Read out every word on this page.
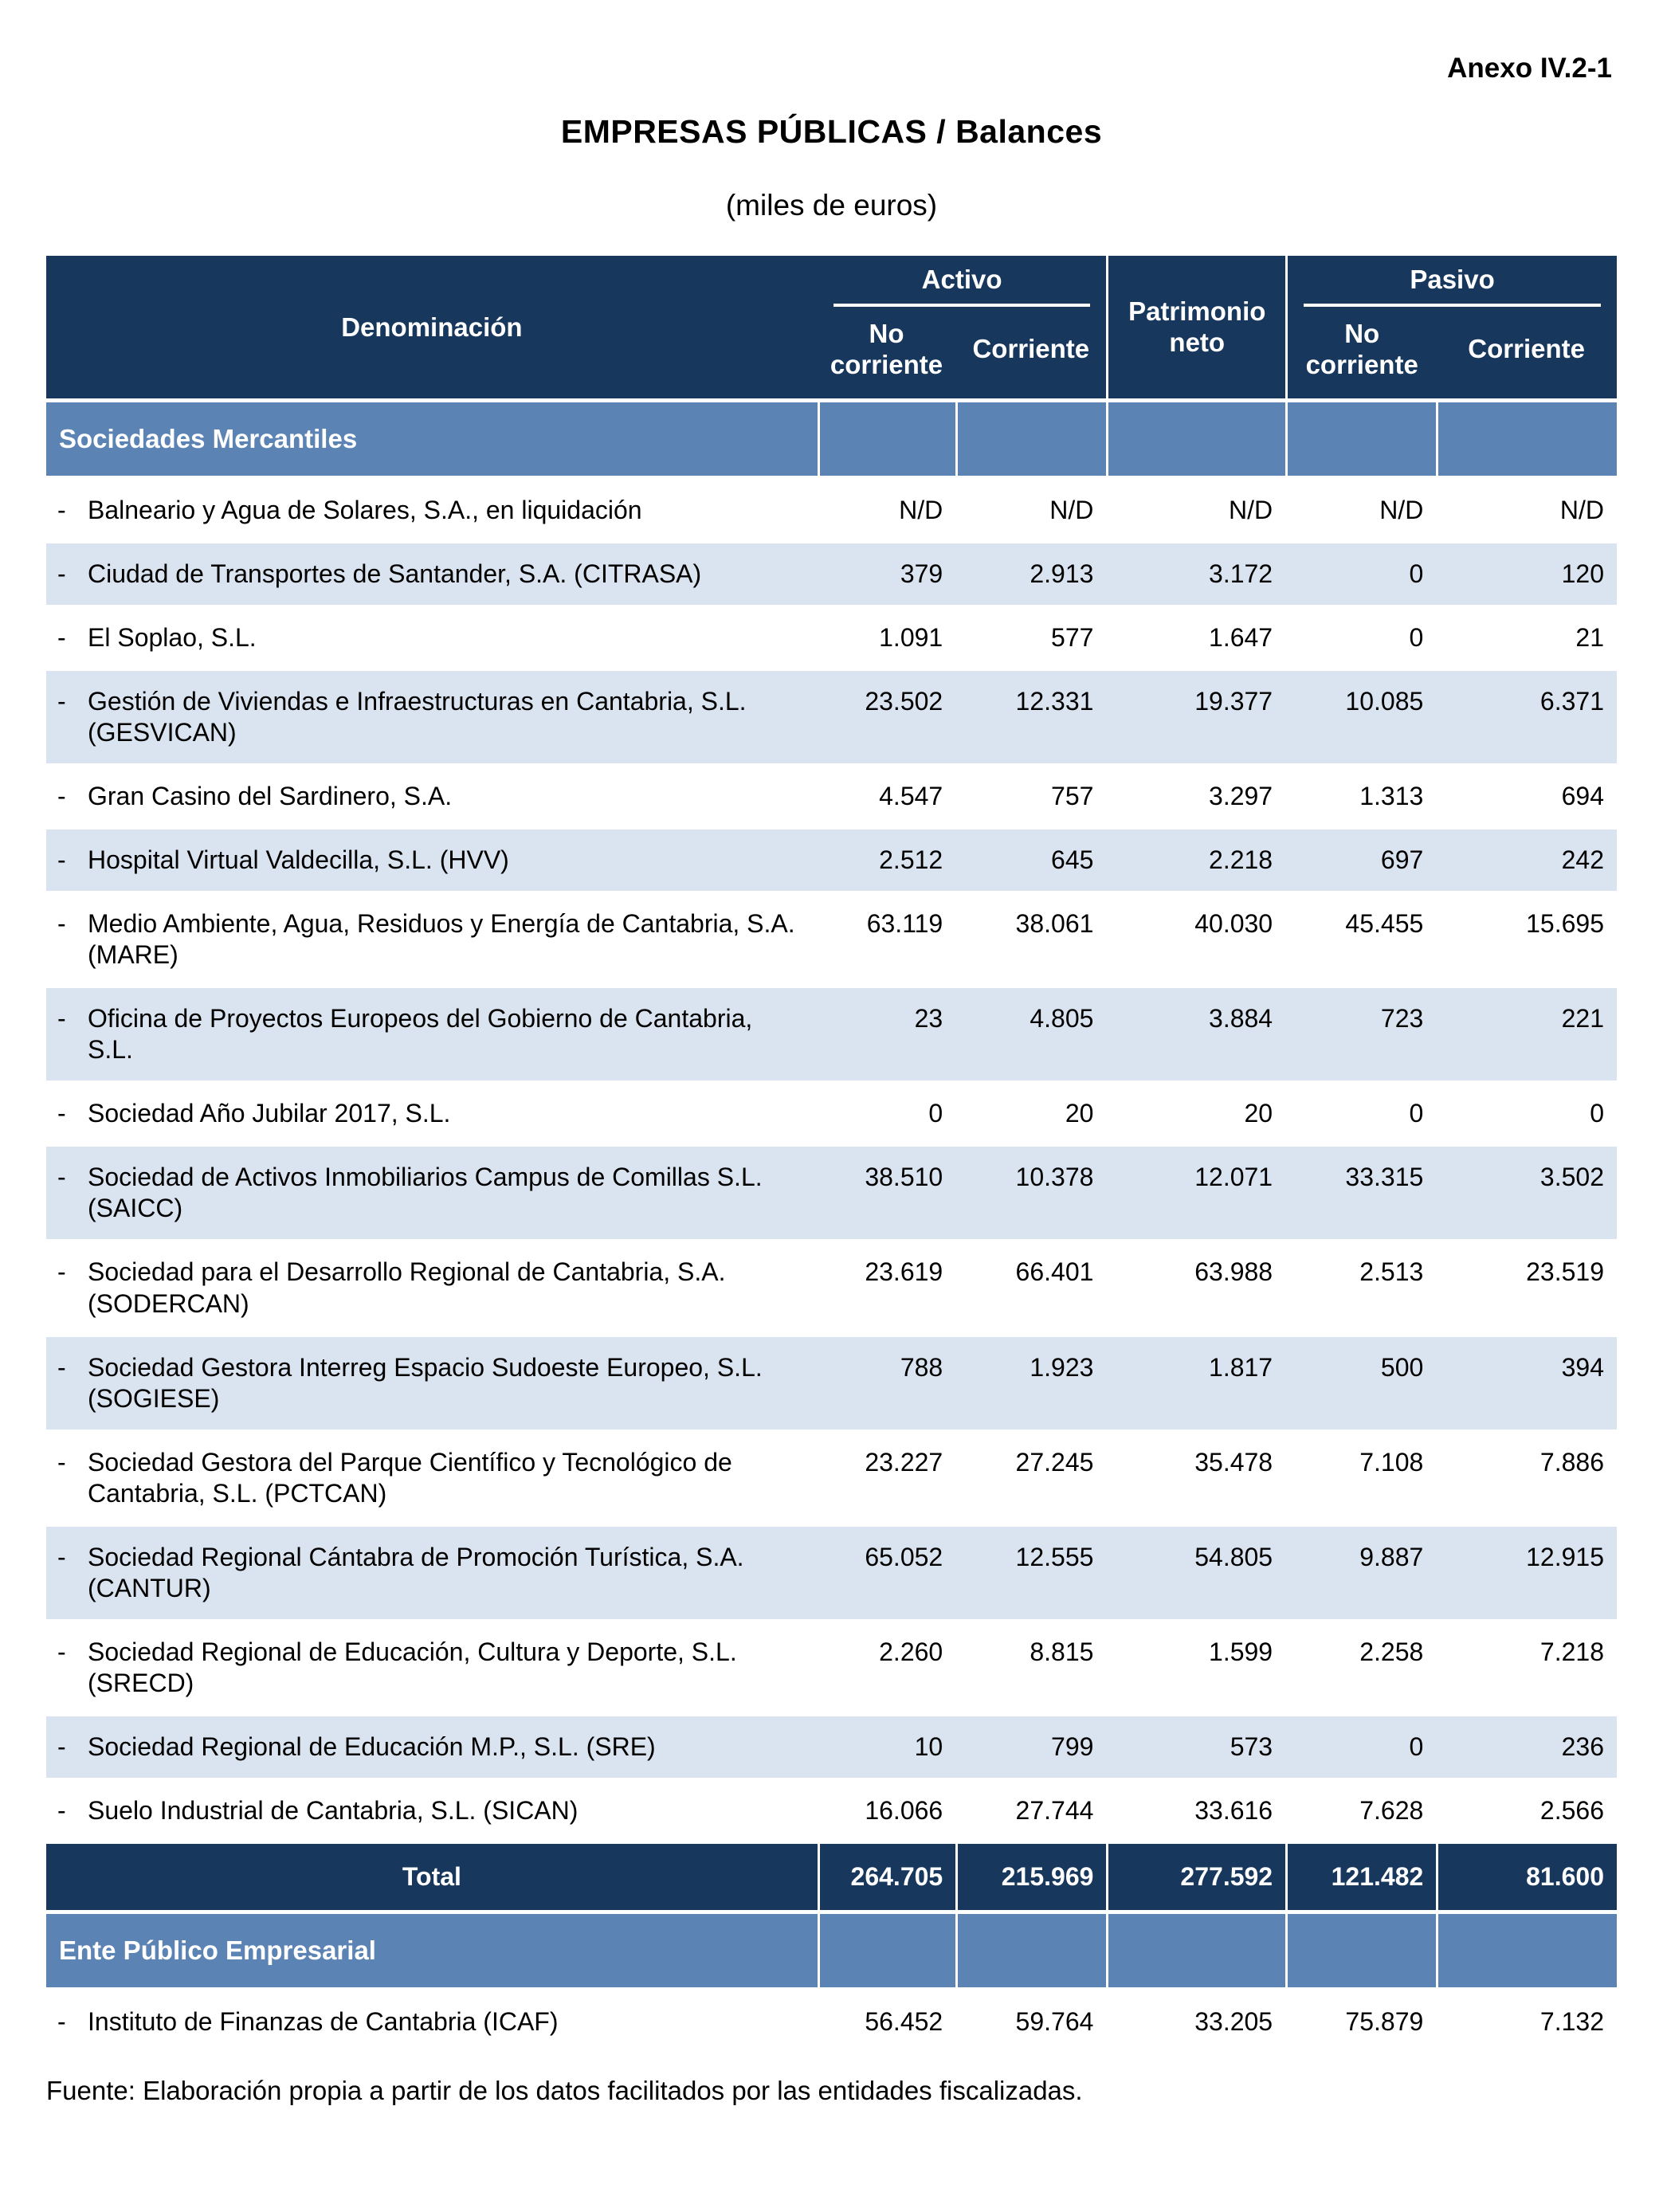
Anexo IV.2-1
EMPRESAS PÚBLICAS / Balances
(miles de euros)
Denominación	Activo		Patrimonio neto	Pasivo	

	No corriente	Corriente		No corriente	Corriente
Sociedades Mercantiles					

- Balneario y Agua de Solares, S.A., en liquidación	N/D	N/D	N/D	N/D	N/D

- Ciudad de Transportes de Santander, S.A. (CITRASA)	379	2.913	3.172	0	120

- El Soplao, S.L.	1.091	577	1.647	0	21

- Gestión de Viviendas e Infraestructuras en Cantabria, S.L. (GESVICAN)
23.502	12.331	19.377	10.085	6.371

- Gran Casino del Sardinero, S.A.	4.547	757	3.297	1.313	694

- Hospital Virtual Valdecilla, S.L. (HVV)	2.512	645	2.218	697	242

- Medio Ambiente, Agua, Residuos y Energía de Cantabria, S.A. (MARE)
63.119	38.061	40.030	45.455	15.695

- Oficina de Proyectos Europeos del Gobierno de Cantabria, S.L.
23	4.805	3.884	723	221

- Sociedad Año Jubilar 2017, S.L.	0	20	20	0	0

- Sociedad de Activos Inmobiliarios Campus de Comillas S.L. (SAICC)
38.510	10.378	12.071	33.315	3.502

- Sociedad para el Desarrollo Regional de Cantabria, S.A. (SODERCAN)
23.619	66.401	63.988	2.513	23.519

- Sociedad Gestora Interreg Espacio Sudoeste Europeo, S.L. (SOGIESE)
788	1.923	1.817	500	394

- Sociedad Gestora del Parque Científico y Tecnológico de Cantabria, S.L. (PCTCAN)
23.227	27.245	35.478	7.108	7.886

- Sociedad Regional Cántabra de Promoción Turística, S.A. (CANTUR)
65.052	12.555	54.805	9.887	12.915

- Sociedad Regional de Educación, Cultura y Deporte, S.L. (SRECD)
2.260	8.815	1.599	2.258	7.218

- Sociedad Regional de Educación M.P., S.L. (SRE)	10	799	573	0	236

- Suelo Industrial de Cantabria, S.L. (SICAN)	16.066	27.744	33.616	7.628	2.566
Total	264.705	215.969	277.592	121.482	81.600
Ente Público Empresarial					

- Instituto de Finanzas de Cantabria (ICAF)	56.452	59.764	33.205	75.879	7.132
Fuente: Elaboración propia a partir de los datos facilitados por las entidades fiscalizadas.
